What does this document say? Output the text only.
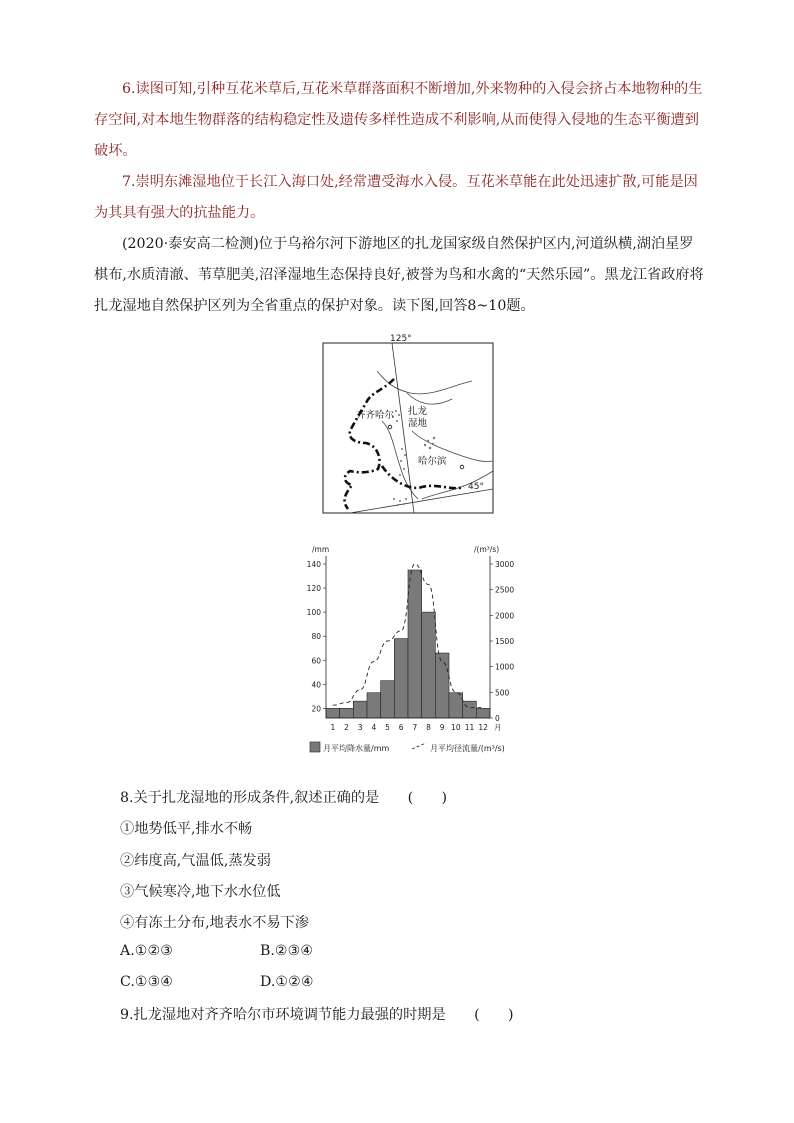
6.读图可知,引种互花米草后,互花米草群落面积不断增加,外来物种的入侵会挤占本地物种的生存空间,对本地生物群落的结构稳定性及遗传多样性造成不利影响,从而使得入侵地的生态平衡遭到破坏。

7.崇明东滩湿地位于长江入海口处,经常遭受海水入侵。互花米草能在此处迅速扩散,可能是因为其具有强大的抗盐能力。

(2020·泰安高二检测)位于乌裕尔河下游地区的扎龙国家级自然保护区内,河道纵横,湖泊星罗棋布,水质清澈、苇草肥美,沼泽湿地生态保持良好,被誉为鸟和水禽的“天然乐园”。黑龙江省政府将扎龙湿地自然保护区列为全省重点的保护对象。读下图,回答8~10题。

125°
45°
齐齐哈尔 扎龙
湿地
哈尔滨
/mm	/(m³/s)
20
40
60
80
100
120
140
0
500
1000
1500
2000
2500
3000
1 2 3 4 5 6 7 8 9 10 11 12 月
月平均降水量/mm	月平均径流量/(m³/s)

8.关于扎龙湿地的形成条件,叙述正确的是　　 (　　)

①地势低平,排水不畅

②纬度高,气温低,蒸发弱

③气候寒冷,地下水水位低

④有冻土分布,地表水不易下渗

A.①②③	B.②③④

C.①③④	D.①②④

9.扎龙湿地对齐齐哈尔市环境调节能力最强的时期是　　 (　　)
